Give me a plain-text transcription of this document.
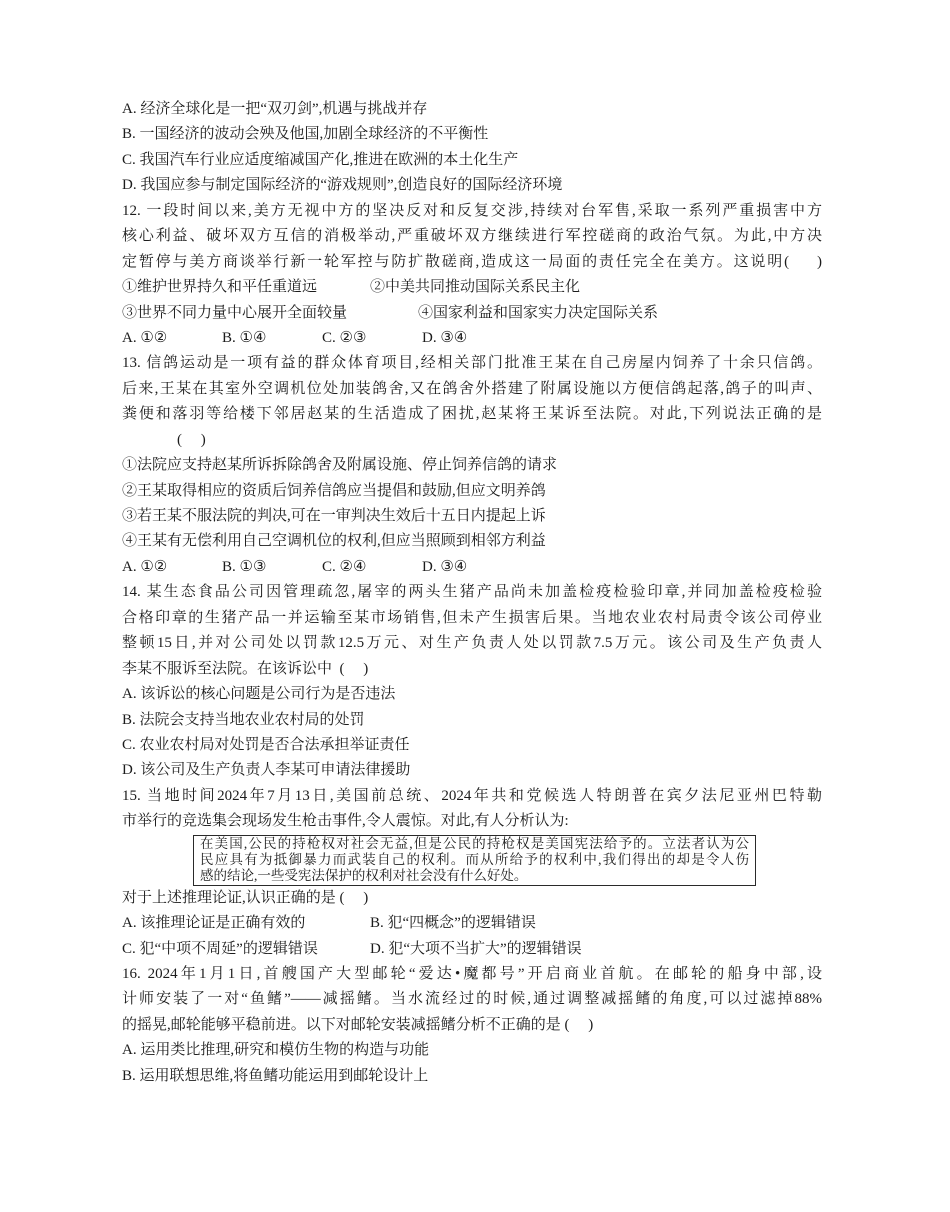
A. 经济全球化是一把“双刃剑”,机遇与挑战并存
B. 一国经济的波动会殃及他国,加剧全球经济的不平衡性
C. 我国汽车行业应适度缩减国产化,推进在欧洲的本土化生产
D. 我国应参与制定国际经济的“游戏规则”,创造良好的国际经济环境
12. 一段时间以来,美方无视中方的坚决反对和反复交涉,持续对台军售,采取一系列严重损害中方
核心利益、破坏双方互信的消极举动,严重破坏双方继续进行军控磋商的政治气氛。为此,中方决
定暂停与美方商谈举行新一轮军控与防扩散磋商,造成这一局面的责任完全在美方。这说明(     )
①维护世界持久和平任重道远	②中美共同推动国际关系民主化
③世界不同力量中心展开全面较量	④国家利益和国家实力决定国际关系
A. ①②	B. ①④	C. ②③	D. ③④
13. 信鸽运动是一项有益的群众体育项目,经相关部门批准王某在自己房屋内饲养了十余只信鸽。
后来,王某在其室外空调机位处加装鸽舍,又在鸽舍外搭建了附属设施以方便信鸽起落,鸽子的叫声、
粪便和落羽等给楼下邻居赵某的生活造成了困扰,赵某将王某诉至法院。对此,下列说法正确的是
(     )
①法院应支持赵某所诉拆除鸽舍及附属设施、停止饲养信鸽的请求
②王某取得相应的资质后饲养信鸽应当提倡和鼓励,但应文明养鸽
③若王某不服法院的判决,可在一审判决生效后十五日内提起上诉
④王某有无偿利用自己空调机位的权利,但应当照顾到相邻方利益
A. ①②	B. ①③	C. ②④	D. ③④
14. 某生态食品公司因管理疏忽,屠宰的两头生猪产品尚未加盖检疫检验印章,并同加盖检疫检验
合格印章的生猪产品一并运输至某市场销售,但未产生损害后果。当地农业农村局责令该公司停业
整顿15日,并对公司处以罚款12.5万元、对生产负责人处以罚款7.5万元。该公司及生产负责人
李某不服诉至法院。在该诉讼中  (     )
A. 该诉讼的核心问题是公司行为是否违法
B. 法院会支持当地农业农村局的处罚
C. 农业农村局对处罚是否合法承担举证责任
D. 该公司及生产负责人李某可申请法律援助
15. 当地时间2024年7月13日,美国前总统、2024年共和党候选人特朗普在宾夕法尼亚州巴特勒
市举行的竞选集会现场发生枪击事件,令人震惊。对此,有人分析认为:
在美国,公民的持枪权对社会无益,但是公民的持枪权是美国宪法给予的。立法者认为公
民应具有为抵御暴力而武装自己的权利。而从所给予的权利中,我们得出的却是令人伤
感的结论,一些受宪法保护的权利对社会没有什么好处。
对于上述推理论证,认识正确的是 (     )
A. 该推理论证是正确有效的	B. 犯“四概念”的逻辑错误
C. 犯“中项不周延”的逻辑错误	D. 犯“大项不当扩大”的逻辑错误
16. 2024年1月1日,首艘国产大型邮轮“爱达•魔都号”开启商业首航。在邮轮的船身中部,设
计师安装了一对“鱼鳍”——减摇鳍。当水流经过的时候,通过调整减摇鳍的角度,可以过滤掉88%
的摇晃,邮轮能够平稳前进。以下对邮轮安装减摇鳍分析不正确的是 (     )
A. 运用类比推理,研究和模仿生物的构造与功能
B. 运用联想思维,将鱼鳍功能运用到邮轮设计上
